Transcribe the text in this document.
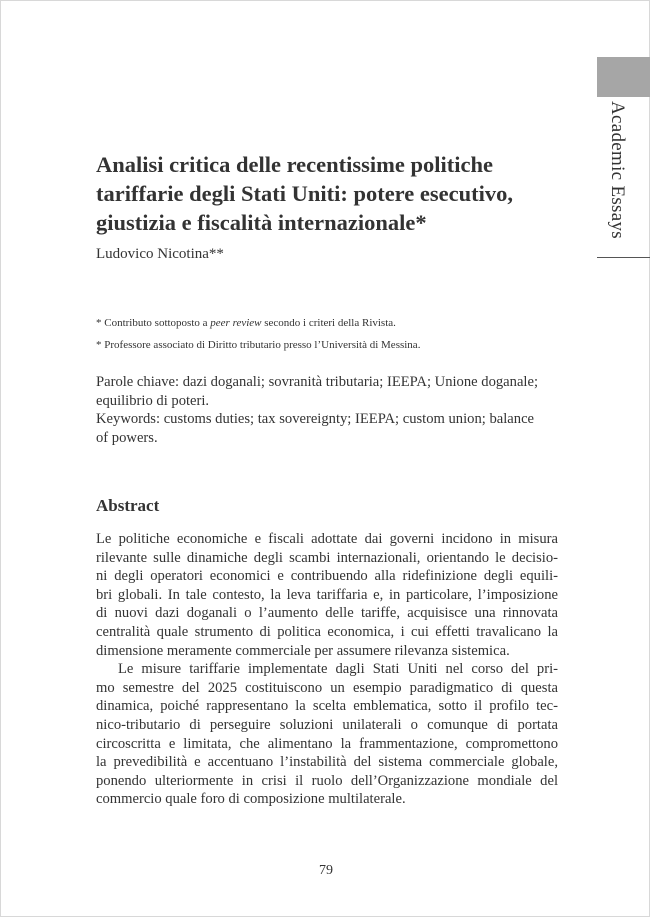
Academic Essays
Analisi critica delle recentissime politiche
tariffarie degli Stati Uniti: potere esecutivo,
giustizia e fiscalità internazionale*
Ludovico Nicotina**
* Contributo sottoposto a peer review secondo i criteri della Rivista.
* Professore associato di Diritto tributario presso l’Università di Messina.
Parole chiave: dazi doganali; sovranità tributaria; IEEPA; Unione doganale;
equilibrio di poteri.
Keywords: customs duties; tax sovereignty; IEEPA; custom union; balance
of powers.
Abstract
Le politiche economiche e fiscali adottate dai governi incidono in misura
rilevante sulle dinamiche degli scambi internazionali, orientando le decisio-
ni degli operatori economici e contribuendo alla ridefinizione degli equili-
bri globali. In tale contesto, la leva tariffaria e, in particolare, l’imposizione
di nuovi dazi doganali o l’aumento delle tariffe, acquisisce una rinnovata
centralità quale strumento di politica economica, i cui effetti travalicano la
dimensione meramente commerciale per assumere rilevanza sistemica.
Le misure tariffarie implementate dagli Stati Uniti nel corso del pri-
mo semestre del 2025 costituiscono un esempio paradigmatico di questa
dinamica, poiché rappresentano la scelta emblematica, sotto il profilo tec-
nico-tributario di perseguire soluzioni unilaterali o comunque di portata
circoscritta e limitata, che alimentano la frammentazione, compromettono
la prevedibilità e accentuano l’instabilità del sistema commerciale globale,
ponendo ulteriormente in crisi il ruolo dell’Organizzazione mondiale del
commercio quale foro di composizione multilaterale.
79
